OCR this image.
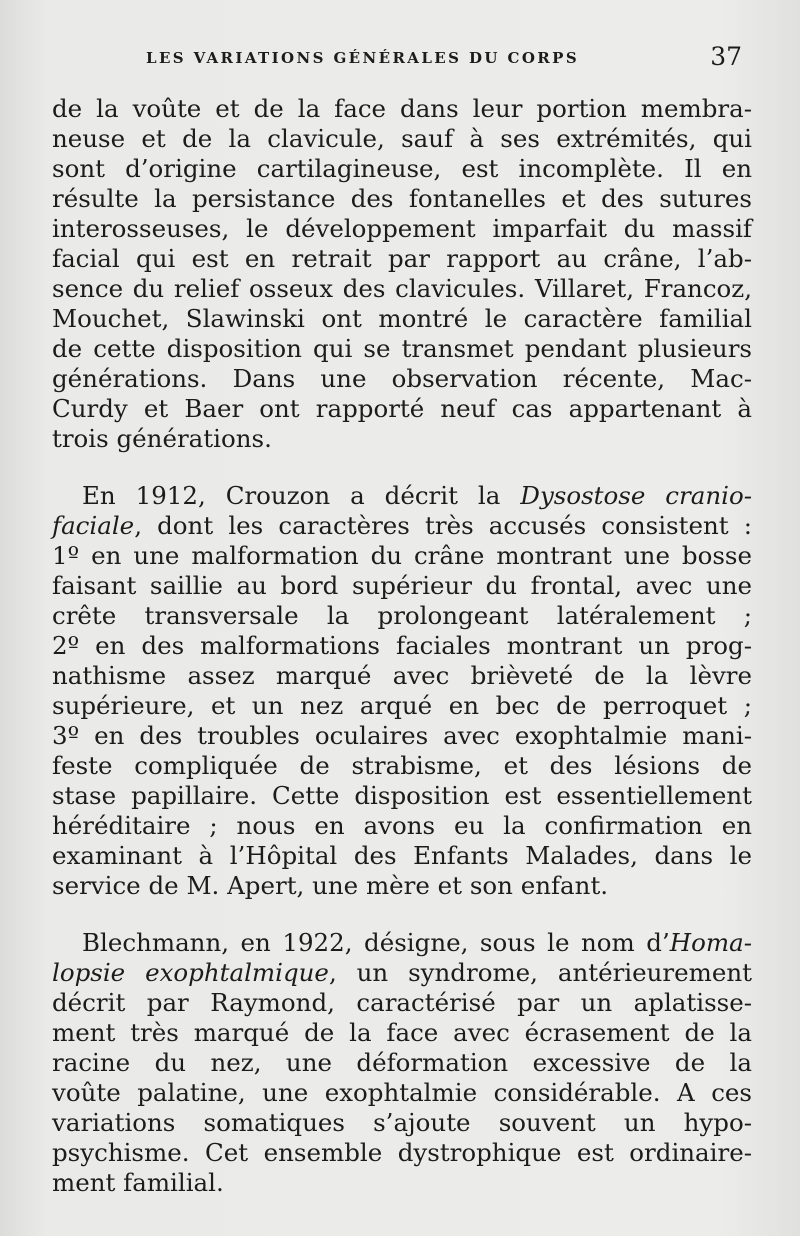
LES VARIATIONS GÉNÉRALES DU CORPS	37
de la voûte et de la face dans leur portion membra-
neuse et de la clavicule, sauf à ses extrémités, qui
sont d’origine cartilagineuse, est incomplète. Il en
résulte la persistance des fontanelles et des sutures
interosseuses, le développement imparfait du massif
facial qui est en retrait par rapport au crâne, l’ab-
sence du relief osseux des clavicules. Villaret, Francoz,
Mouchet, Slawinski ont montré le caractère familial
de cette disposition qui se transmet pendant plusieurs
générations. Dans une observation récente, Mac-
Curdy et Baer ont rapporté neuf cas appartenant à
trois générations.
En 1912, Crouzon a décrit la Dysostose cranio-
faciale, dont les caractères très accusés consistent :
1º en une malformation du crâne montrant une bosse
faisant saillie au bord supérieur du frontal, avec une
crête transversale la prolongeant latéralement ;
2º en des malformations faciales montrant un prog-
nathisme assez marqué avec brièveté de la lèvre
supérieure, et un nez arqué en bec de perroquet ;
3º en des troubles oculaires avec exophtalmie mani-
feste compliquée de strabisme, et des lésions de
stase papillaire. Cette disposition est essentiellement
héréditaire ; nous en avons eu la confirmation en
examinant à l’Hôpital des Enfants Malades, dans le
service de M. Apert, une mère et son enfant.
Blechmann, en 1922, désigne, sous le nom d’Homa-
lopsie exophtalmique, un syndrome, antérieurement
décrit par Raymond, caractérisé par un aplatisse-
ment très marqué de la face avec écrasement de la
racine du nez, une déformation excessive de la
voûte palatine, une exophtalmie considérable. A ces
variations somatiques s’ajoute souvent un hypo-
psychisme. Cet ensemble dystrophique est ordinaire-
ment familial.
